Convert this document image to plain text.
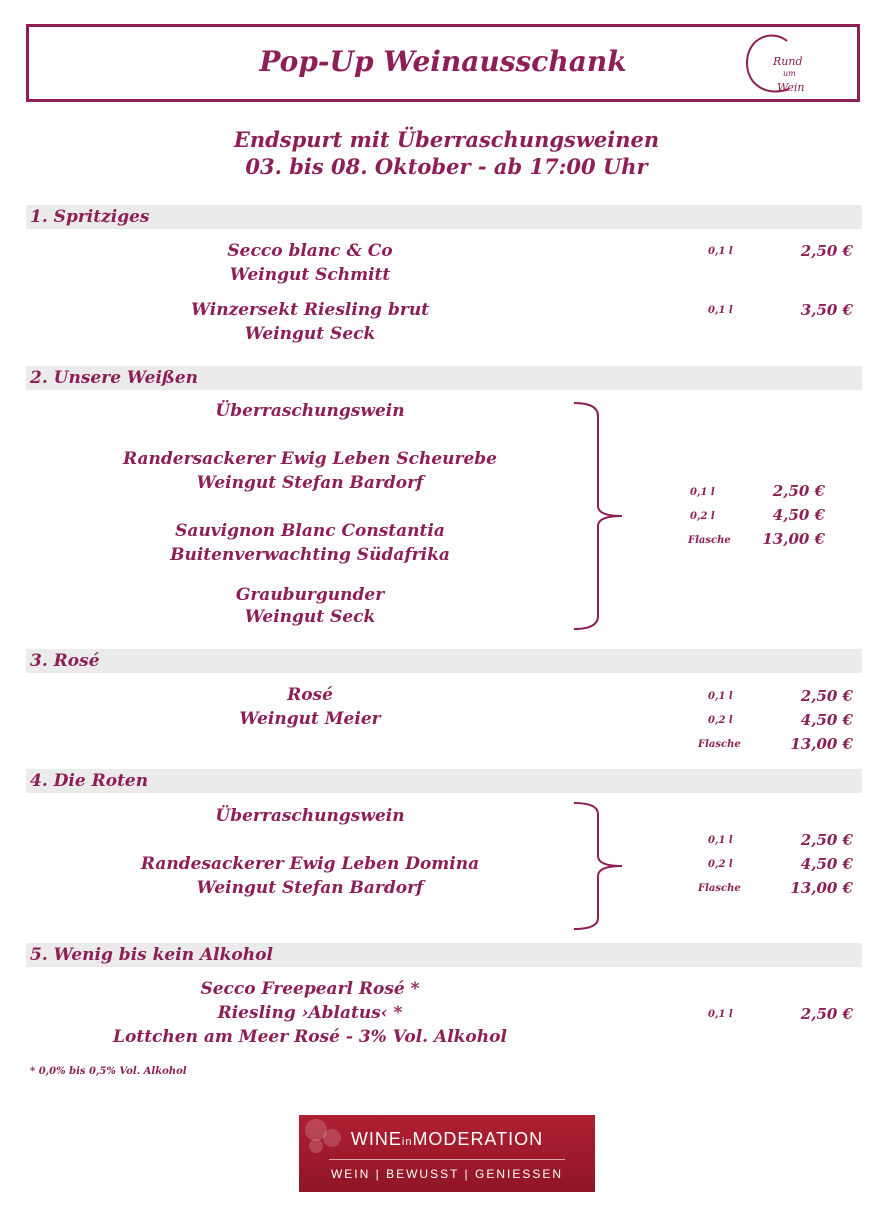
Pop-Up Weinausschank	Rund
um
Wein
Endspurt mit Überraschungsweinen
03. bis 08. Oktober - ab 17:00 Uhr
1. Spritziges
Secco blanc & Co
Weingut Schmitt
0,1 l	2,50 €
Winzersekt Riesling brut
Weingut Seck
0,1 l	3,50 €
2. Unsere Weißen
Überraschungswein
Randersackerer Ewig Leben Scheurebe
Weingut Stefan Bardorf
Sauvignon Blanc Constantia
Buitenverwachting Südafrika
Grauburgunder
Weingut Seck
0,1 l	2,50 €
0,2 l	4,50 €
Flasche	13,00 €
3. Rosé
Rosé
Weingut Meier
0,1 l	2,50 €
0,2 l	4,50 €
Flasche	13,00 €
4. Die Roten
Überraschungswein
Randesackerer Ewig Leben Domina
Weingut Stefan Bardorf
0,1 l	2,50 €
0,2 l	4,50 €
Flasche	13,00 €
5. Wenig bis kein Alkohol
Secco Freepearl Rosé *
Riesling ›Ablatus‹ *
Lottchen am Meer Rosé - 3% Vol. Alkohol
0,1 l	2,50 €
* 0,0% bis 0,5% Vol. Alkohol
WINEinMODERATION
WEIN | BEWUSST | GENIESSEN
